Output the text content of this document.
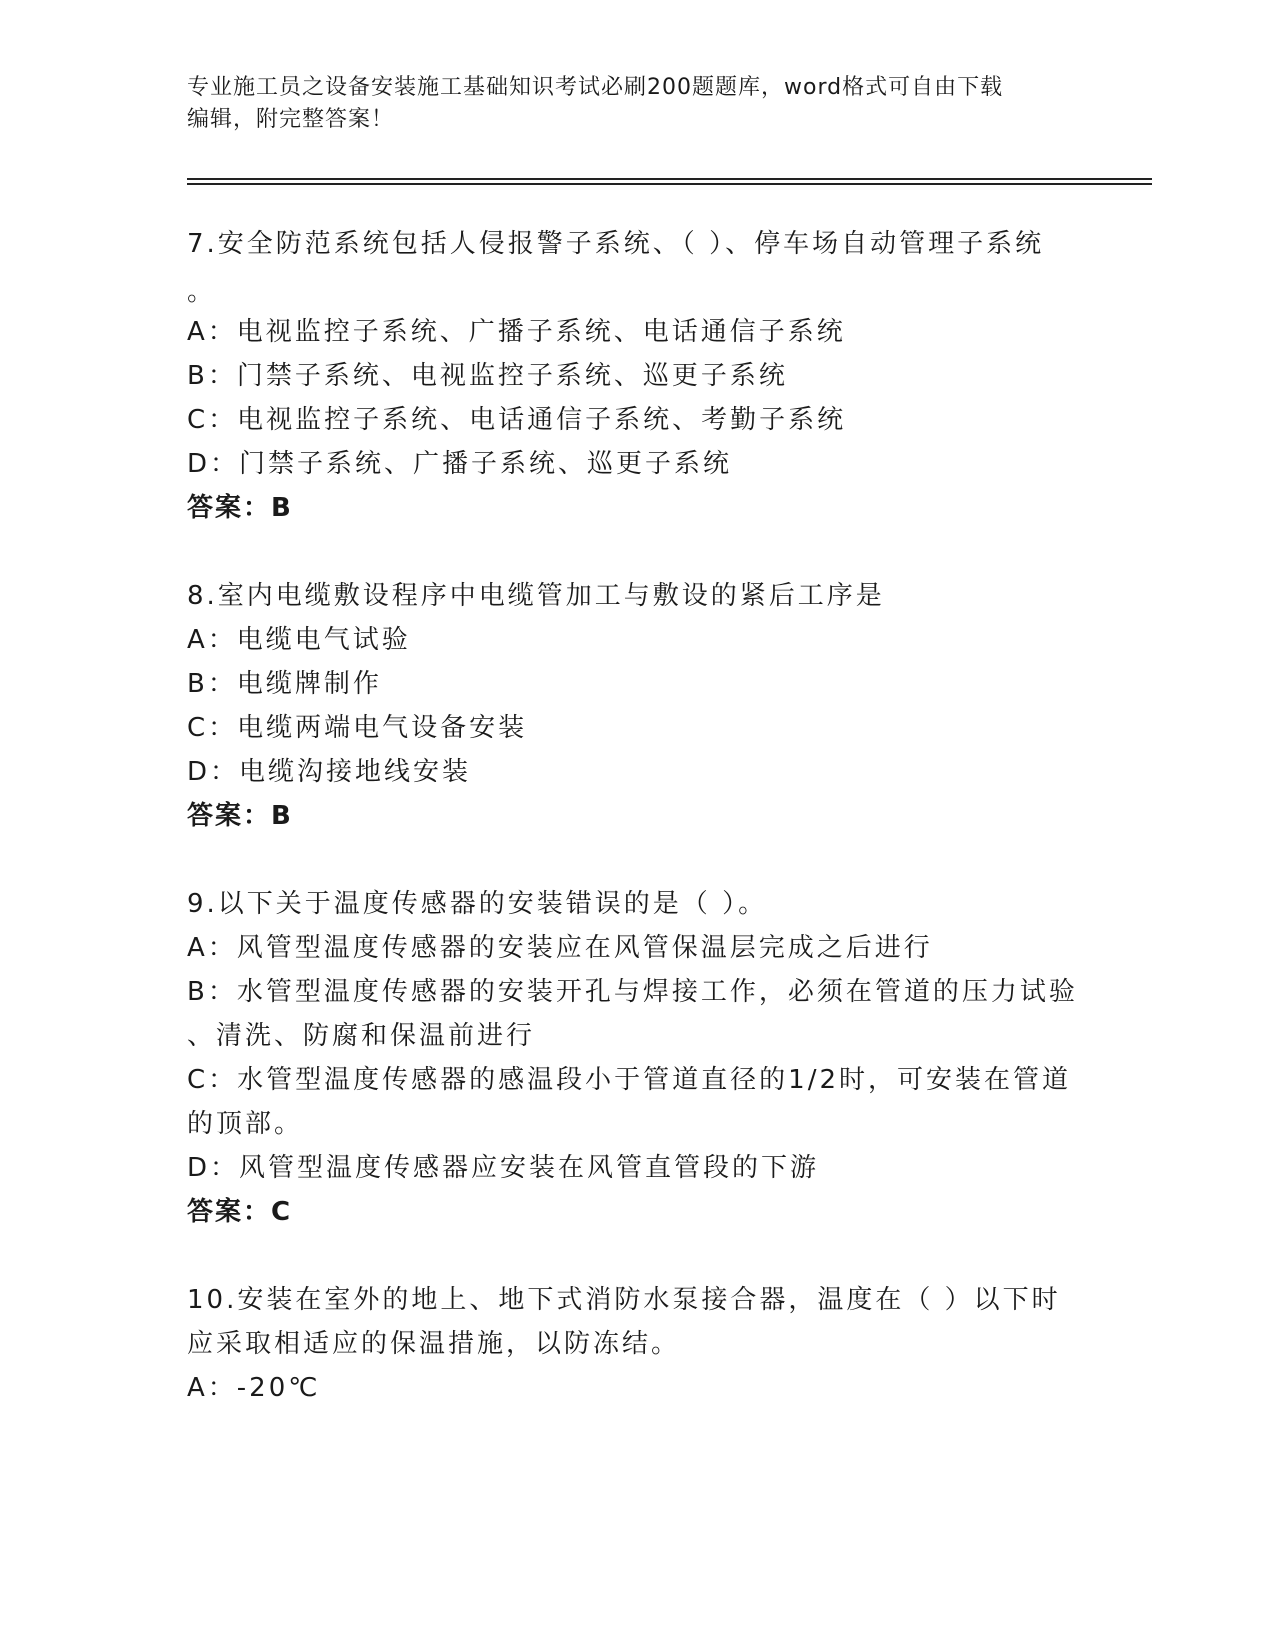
专业施工员之设备安装施工基础知识考试必刷200题题库，word格式可自由下载
编辑，附完整答案！
7.安全防范系统包括人侵报警子系统、（ ）、停车场自动管理子系统
。
A：电视监控子系统、广播子系统、电话通信子系统
B：门禁子系统、电视监控子系统、巡更子系统
C：电视监控子系统、电话通信子系统、考勤子系统
D：门禁子系统、广播子系统、巡更子系统
答案：B
8.室内电缆敷设程序中电缆管加工与敷设的紧后工序是
A：电缆电气试验
B：电缆牌制作
C：电缆两端电气设备安装
D：电缆沟接地线安装
答案：B
9.以下关于温度传感器的安装错误的是（ ）。
A：风管型温度传感器的安装应在风管保温层完成之后进行
B：水管型温度传感器的安装开孔与焊接工作，必须在管道的压力试验
、清洗、防腐和保温前进行
C：水管型温度传感器的感温段小于管道直径的1/2时，可安装在管道
的顶部。
D：风管型温度传感器应安装在风管直管段的下游
答案：C
10.安装在室外的地上、地下式消防水泵接合器，温度在（ ）以下时
应采取相适应的保温措施，以防冻结。
A：-20℃
